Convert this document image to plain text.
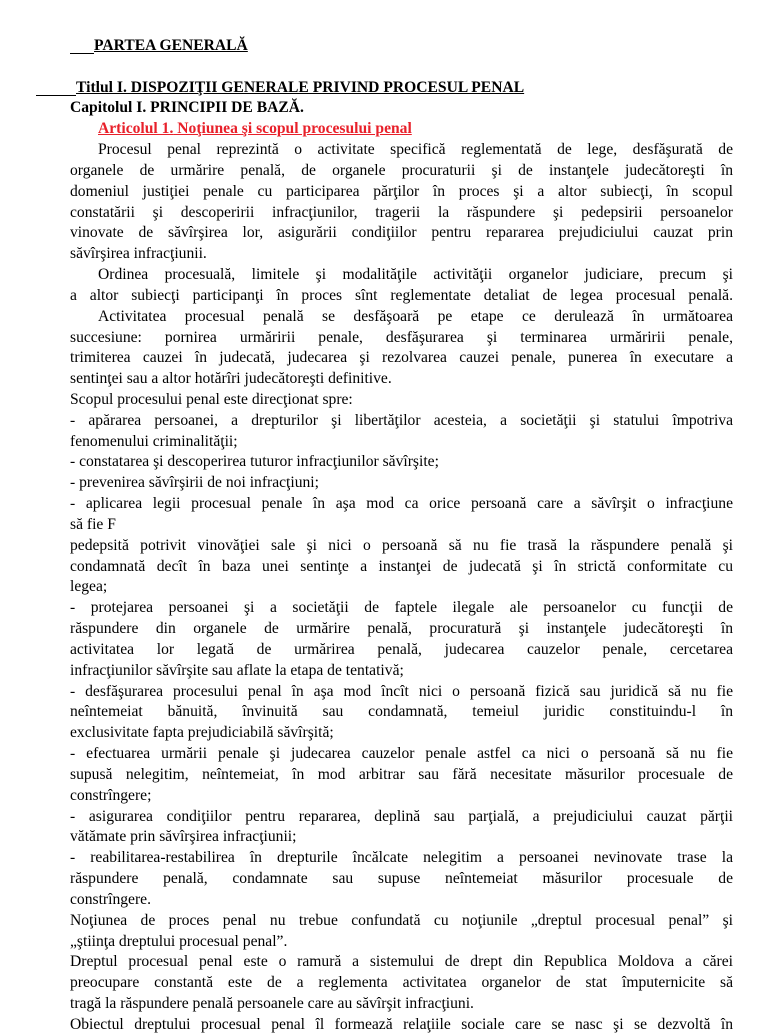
PARTEA GENERALĂ
Titlul I. DISPOZIŢII GENERALE PRIVIND PROCESUL PENAL
Capitolul I. PRINCIPII DE BAZĂ.
Articolul 1. Noţiunea şi scopul procesului penal
Procesul penal reprezintă o activitate specifică reglementată de lege, desfăşurată de
organele de urmărire penală, de organele procuraturii şi de instanţele judecătoreşti în
domeniul justiţiei penale cu participarea părţilor în proces şi a altor subiecţi, în scopul
constatării şi descoperirii infracţiunilor, tragerii la răspundere şi pedepsirii persoanelor
vinovate de săvîrşirea lor, asigurării condiţiilor pentru repararea prejudiciului cauzat prin
săvîrşirea infracţiunii.
Ordinea procesuală, limitele şi modalităţile activităţii organelor judiciare, precum şi
a altor subiecţi participanţi în proces sînt reglementate detaliat de legea procesual penală.
Activitatea procesual penală se desfăşoară pe etape ce derulează în următoarea
succesiune: pornirea urmăririi penale, desfăşurarea şi terminarea urmăririi penale,
trimiterea cauzei în judecată, judecarea şi rezolvarea cauzei penale, punerea în executare a
sentinţei sau a altor hotărîri judecătoreşti definitive.
Scopul procesului penal este direcţionat spre:
- apărarea persoanei, a drepturilor şi libertăţilor acesteia, a societăţii şi statului împotriva
fenomenului criminalităţii;
- constatarea şi descoperirea tuturor infracţiunilor săvîrşite;
- prevenirea săvîrşirii de noi infracţiuni;
- aplicarea legii procesual penale în aşa mod ca orice persoană care a săvîrşit o infracţiune
să fie F
pedepsită potrivit vinovăţiei sale şi nici o persoană să nu fie trasă la răspundere penală şi
condamnată decît în baza unei sentinţe a instanţei de judecată şi în strictă conformitate cu
legea;
- protejarea persoanei şi a societăţii de faptele ilegale ale persoanelor cu funcţii de
răspundere din organele de urmărire penală, procuratură şi instanţele judecătoreşti în
activitatea lor legată de urmărirea penală, judecarea cauzelor penale, cercetarea
infracţiunilor săvîrşite sau aflate la etapa de tentativă;
- desfăşurarea procesului penal în aşa mod încît nici o persoană fizică sau juridică să nu fie
neîntemeiat bănuită, învinuită sau condamnată, temeiul juridic constituindu-l în
exclusivitate fapta prejudiciabilă săvîrşită;
- efectuarea urmării penale şi judecarea cauzelor penale astfel ca nici o persoană să nu fie
supusă nelegitim, neîntemeiat, în mod arbitrar sau fără necesitate măsurilor procesuale de
constrîngere;
- asigurarea condiţiilor pentru repararea, deplină sau parţială, a prejudiciului cauzat părţii
vătămate prin săvîrşirea infracţiunii;
- reabilitarea-restabilirea în drepturile încălcate nelegitim a persoanei nevinovate trase la
răspundere penală, condamnate sau supuse neîntemeiat măsurilor procesuale de
constrîngere.
Noţiunea de proces penal nu trebue confundată cu noţiunile „dreptul procesual penal” şi
„ştiinţa dreptului procesual penal”.
Dreptul procesual penal este o ramură a sistemului de drept din Republica Moldova a cărei
preocupare constantă este de a reglementa activitatea organelor de stat împuternicite să
tragă la răspundere penală persoanele care au săvîrşit infracţiuni.
Obiectul dreptului procesual penal îl formează relaţiile sociale care se nasc şi se dezvoltă în
